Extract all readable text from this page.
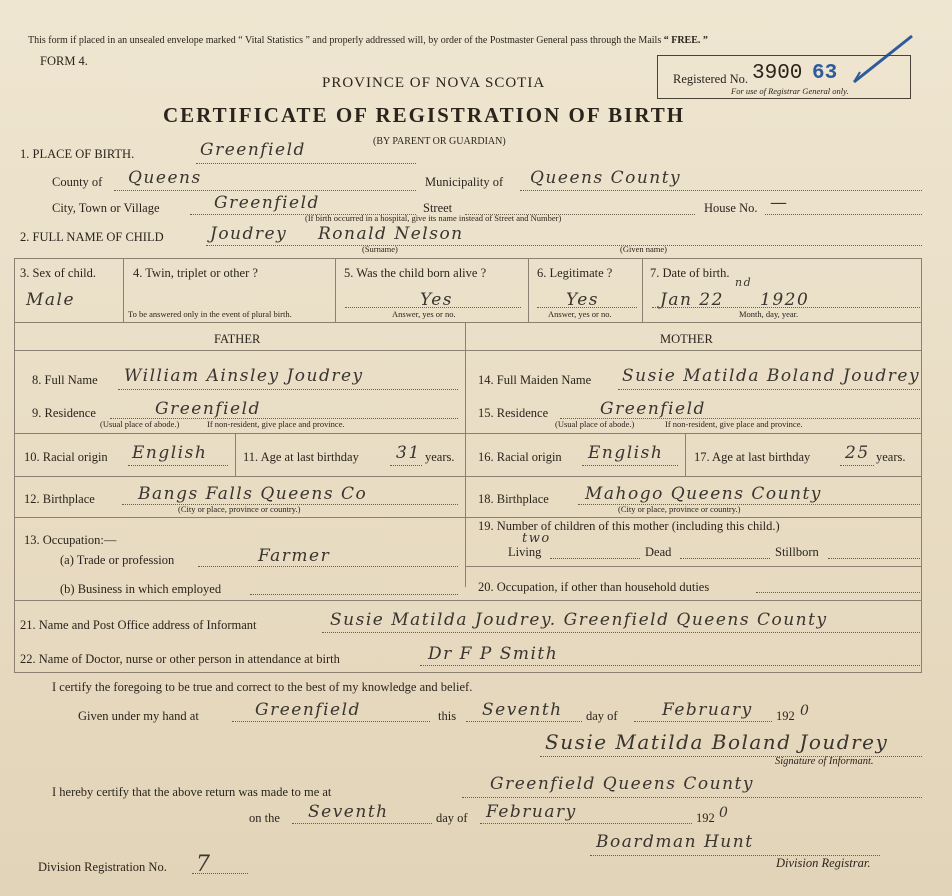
This form if placed in an unsealed envelope marked “ Vital Statistics ” and properly addressed will, by order of the Postmaster General pass through the Mails “ FREE. ”
FORM 4.
PROVINCE OF NOVA SCOTIA
CERTIFICATE OF REGISTRATION OF BIRTH
(BY PARENT OR GUARDIAN)
Registered No. 3900 63
For use of Registrar General only.
1. PLACE OF BIRTH.	Greenfield
County of Queens	Municipality of Queens County
City, Town or Village	Greenfield	Street	House No. —
(If birth occurred in a hospital, give its name instead of Street and Number)
2. FULL NAME OF CHILD	Joudrey Ronald Nelson
(Surname)	(Given name)
3. Sex of child.
Male
4. Twin, triplet or other ?
To be answered only in the event of plural birth.
5. Was the child born alive ?
Yes
Answer, yes or no.
6. Legitimate ?
Yes
Answer, yes or no.
7. Date of birth.
Jan 22
nd
1920
Month, day, year.
FATHER	MOTHER
8. Full Name William Ainsley Joudrey
9. Residence	Greenfield
(Usual place of abode.)	If non-resident, give place and province.
10. Racial origin English	11. Age at last birthday 31 years.
12. Birthplace	Bangs Falls Queens Co
(City or place, province or country.)
13. Occupation:—
(a) Trade or profession	Farmer
(b) Business in which employed
14. Full Maiden Name Susie Matilda Boland Joudrey
15. Residence	Greenfield
(Usual place of abode.)	If non-resident, give place and province.
16. Racial origin English 17. Age at last birthday 25 years.
18. Birthplace Mahogo Queens County
(City or place, province or country.)
19. Number of children of this mother (including this child.)
two
Living	Dead	Stillborn
20. Occupation, if other than household duties
21. Name and Post Office address of Informant	Susie Matilda Joudrey. Greenfield Queens County
22. Name of Doctor, nurse or other person in attendance at birth	Dr F P Smith
I certify the foregoing to be true and correct to the best of my knowledge and belief.
Given under my hand at	Greenfield	this Seventh day of	February 192 0
Susie Matilda Boland Joudrey
Signature of Informant.
I hereby certify that the above return was made to me at	Greenfield Queens County
on the Seventh	day of February	192 0
Boardman Hunt
Division Registrar.
Division Registration No. 7
